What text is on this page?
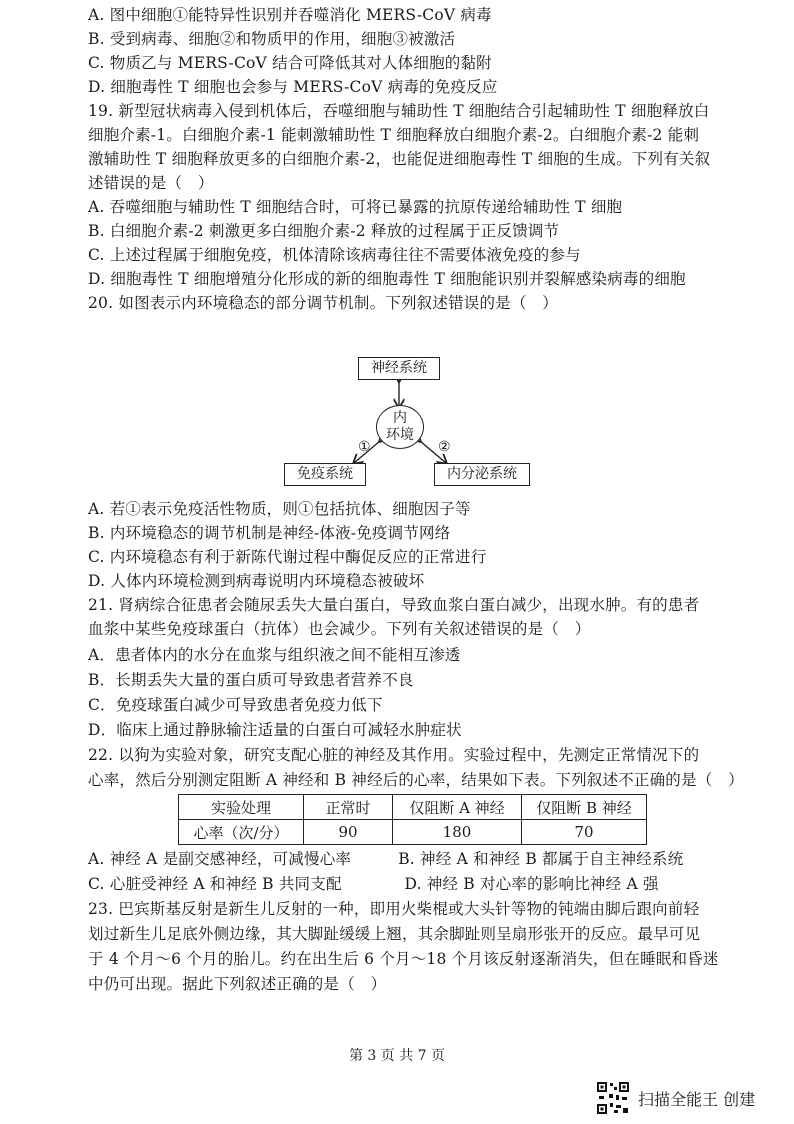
A. 图中细胞①能特异性识别并吞噬消化 MERS-CoV 病毒
B. 受到病毒、细胞②和物质甲的作用，细胞③被激活
C. 物质乙与 MERS-CoV 结合可降低其对人体细胞的黏附
D. 细胞毒性 T 细胞也会参与 MERS-CoV 病毒的免疫反应
19. 新型冠状病毒入侵到机体后，吞噬细胞与辅助性 T 细胞结合引起辅助性 T 细胞释放白
细胞介素-1。白细胞介素-1 能刺激辅助性 T 细胞释放白细胞介素-2。白细胞介素-2 能刺
激辅助性 T 细胞释放更多的白细胞介素-2，也能促进细胞毒性 T 细胞的生成。下列有关叙
述错误的是（　）
A. 吞噬细胞与辅助性 T 细胞结合时，可将已暴露的抗原传递给辅助性 T 细胞
B. 白细胞介素-2 刺激更多白细胞介素-2 释放的过程属于正反馈调节
C. 上述过程属于细胞免疫，机体清除该病毒往往不需要体液免疫的参与
D. 细胞毒性 T 细胞增殖分化形成的新的细胞毒性 T 细胞能识别并裂解感染病毒的细胞
20. 如图表示内环境稳态的部分调节机制。下列叙述错误的是（　）
神经系统
内
环境
①	②
免疫系统	内分泌系统
A. 若①表示免疫活性物质，则①包括抗体、细胞因子等
B. 内环境稳态的调节机制是神经-体液-免疫调节网络
C. 内环境稳态有利于新陈代谢过程中酶促反应的正常进行
D. 人体内环境检测到病毒说明内环境稳态被破坏
21. 肾病综合征患者会随尿丢失大量白蛋白，导致血浆白蛋白减少，出现水肿。有的患者
血浆中某些免疫球蛋白（抗体）也会减少。下列有关叙述错误的是（　）
A．患者体内的水分在血浆与组织液之间不能相互渗透
B．长期丢失大量的蛋白质可导致患者营养不良
C．免疫球蛋白减少可导致患者免疫力低下
D．临床上通过静脉输注适量的白蛋白可减轻水肿症状
22. 以狗为实验对象，研究支配心脏的神经及其作用。实验过程中，先测定正常情况下的
心率，然后分别测定阻断 A 神经和 B 神经后的心率，结果如下表。下列叙述不正确的是（　）
实验处理	正常时	仅阻断 A 神经	仅阻断 B 神经
心率（次/分）	90	180	70
A. 神经 A 是副交感神经，可减慢心率　　　B. 神经 A 和神经 B 都属于自主神经系统
C. 心脏受神经 A 和神经 B 共同支配　　　　D. 神经 B 对心率的影响比神经 A 强
23. 巴宾斯基反射是新生儿反射的一种，即用火柴棍或大头针等物的钝端由脚后跟向前轻
划过新生儿足底外侧边缘，其大脚趾缓缓上翘，其余脚趾则呈扇形张开的反应。最早可见
于 4 个月～6 个月的胎儿。约在出生后 6 个月～18 个月该反射逐渐消失，但在睡眠和昏迷
中仍可出现。据此下列叙述正确的是（　）
第 3 页 共 7 页
扫描全能王 创建
